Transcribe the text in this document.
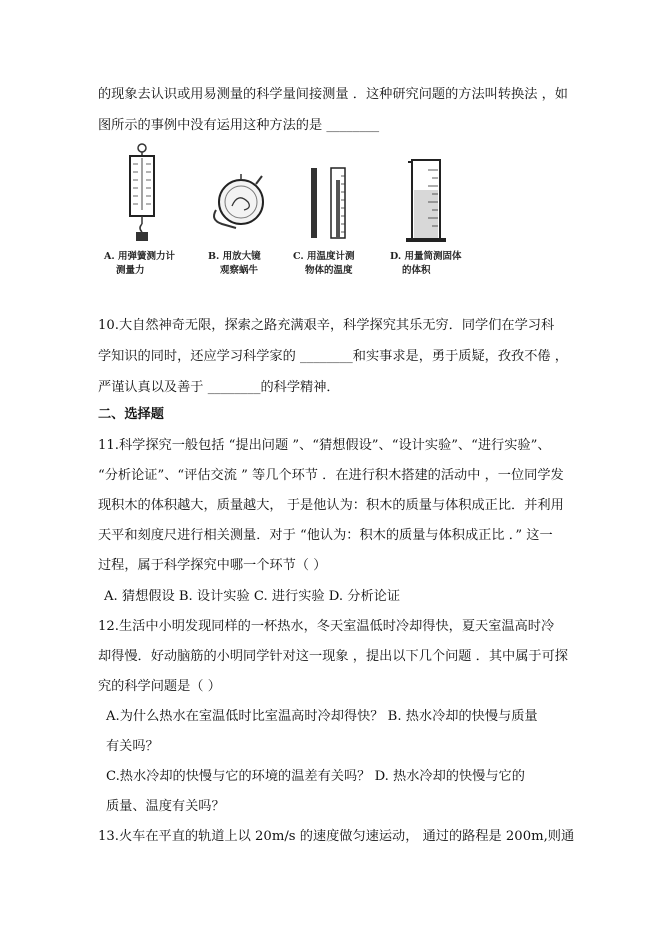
的现象去认识或用易测量的科学量间接测量 ．这种研究问题的方法叫转换法 ，如
图所示的事例中没有运用这种方法的是 ________
A. 用弹簧测力计
测量力
B. 用放大镜
观察蜗牛
C. 用温度计测
物体的温度
D. 用量筒测固体
的体积
10.大自然神奇无限，探索之路充满艰辛，科学探究其乐无穷．同学们在学习科
学知识的同时，还应学习科学家的 ________和实事求是，勇于质疑，孜孜不倦 ，
严谨认真以及善于 ________的科学精神．
二、选择题
11.科学探究一般包括 “提出问题 ”、“猜想假设”、“设计实验”、“进行实验”、
“分析论证”、“评估交流 ” 等几个环节 ．在进行积木搭建的活动中 ，一位同学发
现积木的体积越大，质量越大， 于是他认为：积木的质量与体积成正比．并利用
天平和刻度尺进行相关测量．对于 “他认为：积木的质量与体积成正比 ．” 这一
过程，属于科学探究中哪一个环节（ ）
A. 猜想假设 B. 设计实验 C. 进行实验 D. 分析论证
12.生活中小明发现同样的一杯热水，冬天室温低时冷却得快，夏天室温高时冷
却得慢．好动脑筋的小明同学针对这一现象 ，提出以下几个问题 ．其中属于可探
究的科学问题是（ ）
A.为什么热水在室温低时比室温高时冷却得快？ B. 热水冷却的快慢与质量
有关吗？
C.热水冷却的快慢与它的环境的温差有关吗？ D. 热水冷却的快慢与它的
质量、温度有关吗？
13.火车在平直的轨道上以 20m/s 的速度做匀速运动， 通过的路程是 200m,则通
